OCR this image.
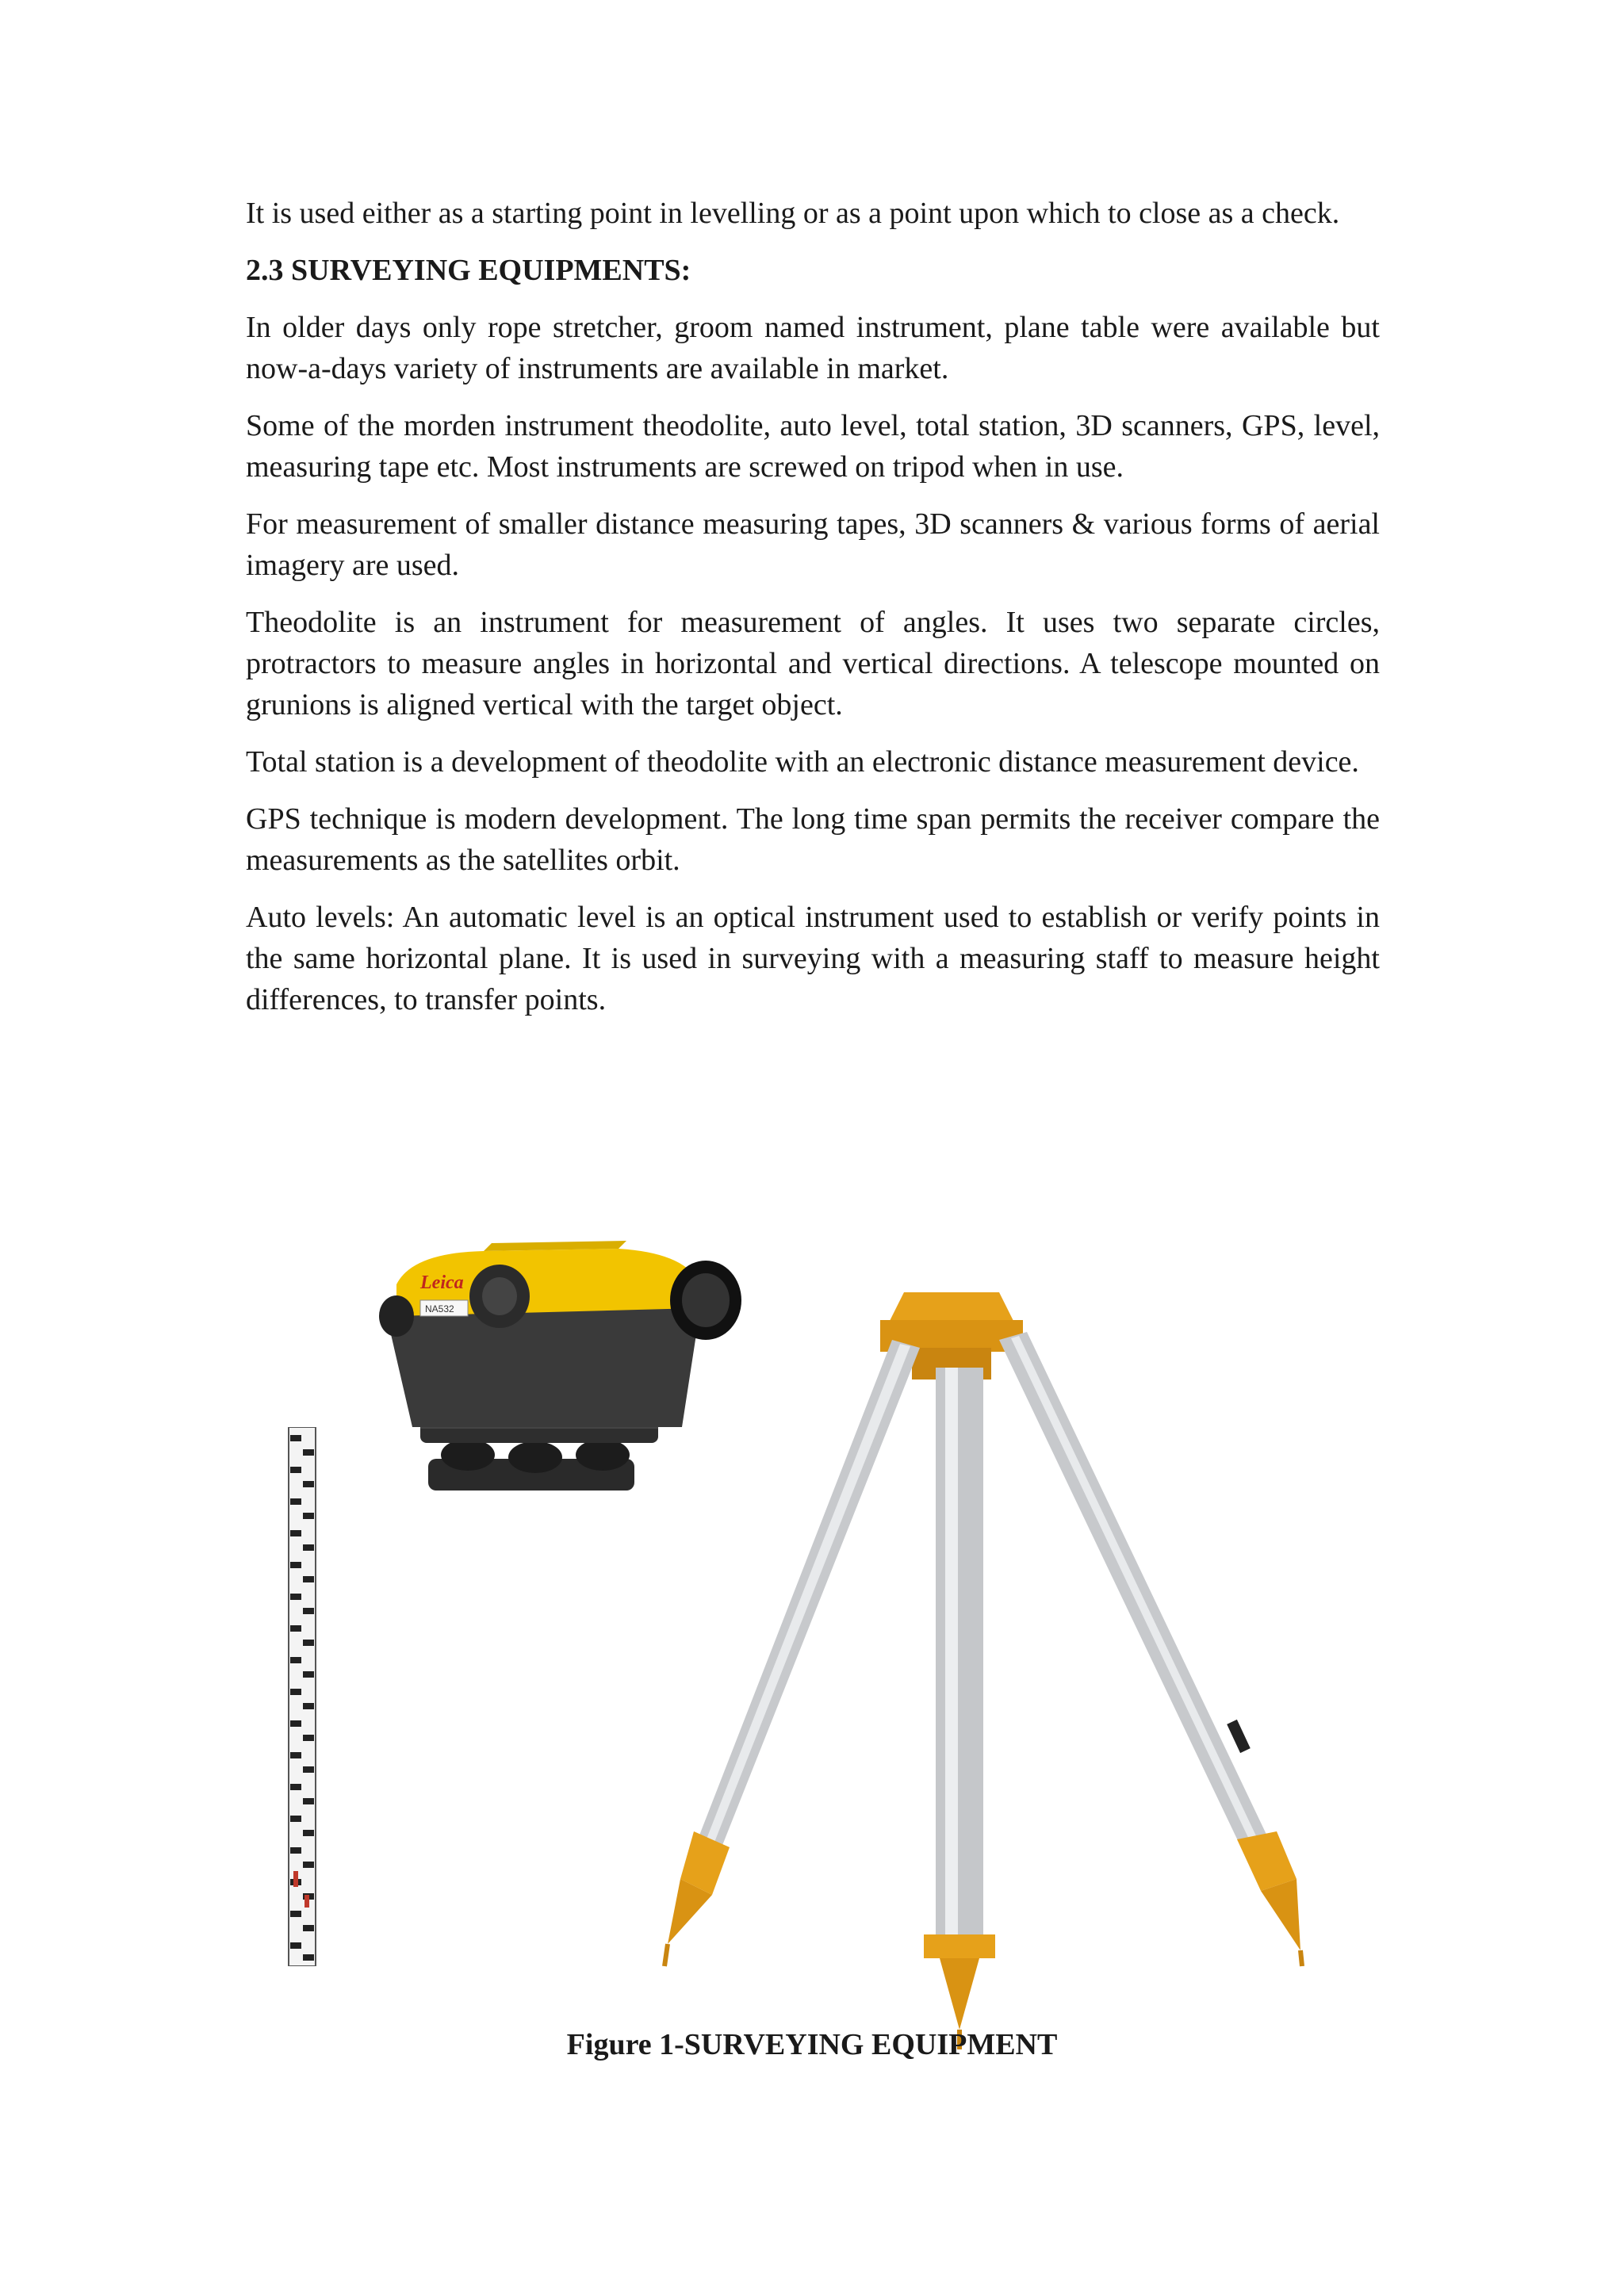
It is used either as a starting point in levelling or as a point upon which to close as a check.

2.3 SURVEYING EQUIPMENTS:

In older days only rope stretcher, groom named instrument, plane table were available but now-a-days variety of instruments are available in market.

Some of the morden instrument theodolite, auto level, total station, 3D scanners, GPS, level, measuring tape etc. Most instruments are screwed on tripod when in use.

For measurement of smaller distance measuring tapes, 3D scanners & various forms of aerial imagery are used.

Theodolite is an instrument for measurement of angles. It uses two separate circles, protractors to measure angles in horizontal and vertical directions. A telescope mounted on grunions is aligned vertical with the target object.

Total station is a development of theodolite with an electronic distance measurement device.

GPS technique is modern development. The long time span permits the receiver compare the measurements as the satellites orbit.

Auto levels: An automatic level is an optical instrument used to establish or verify points in the same horizontal plane. It is used in surveying with a measuring staff to measure height differences, to transfer points.

Leica
NA532
Figure 1-SURVEYING EQUIPMENT
